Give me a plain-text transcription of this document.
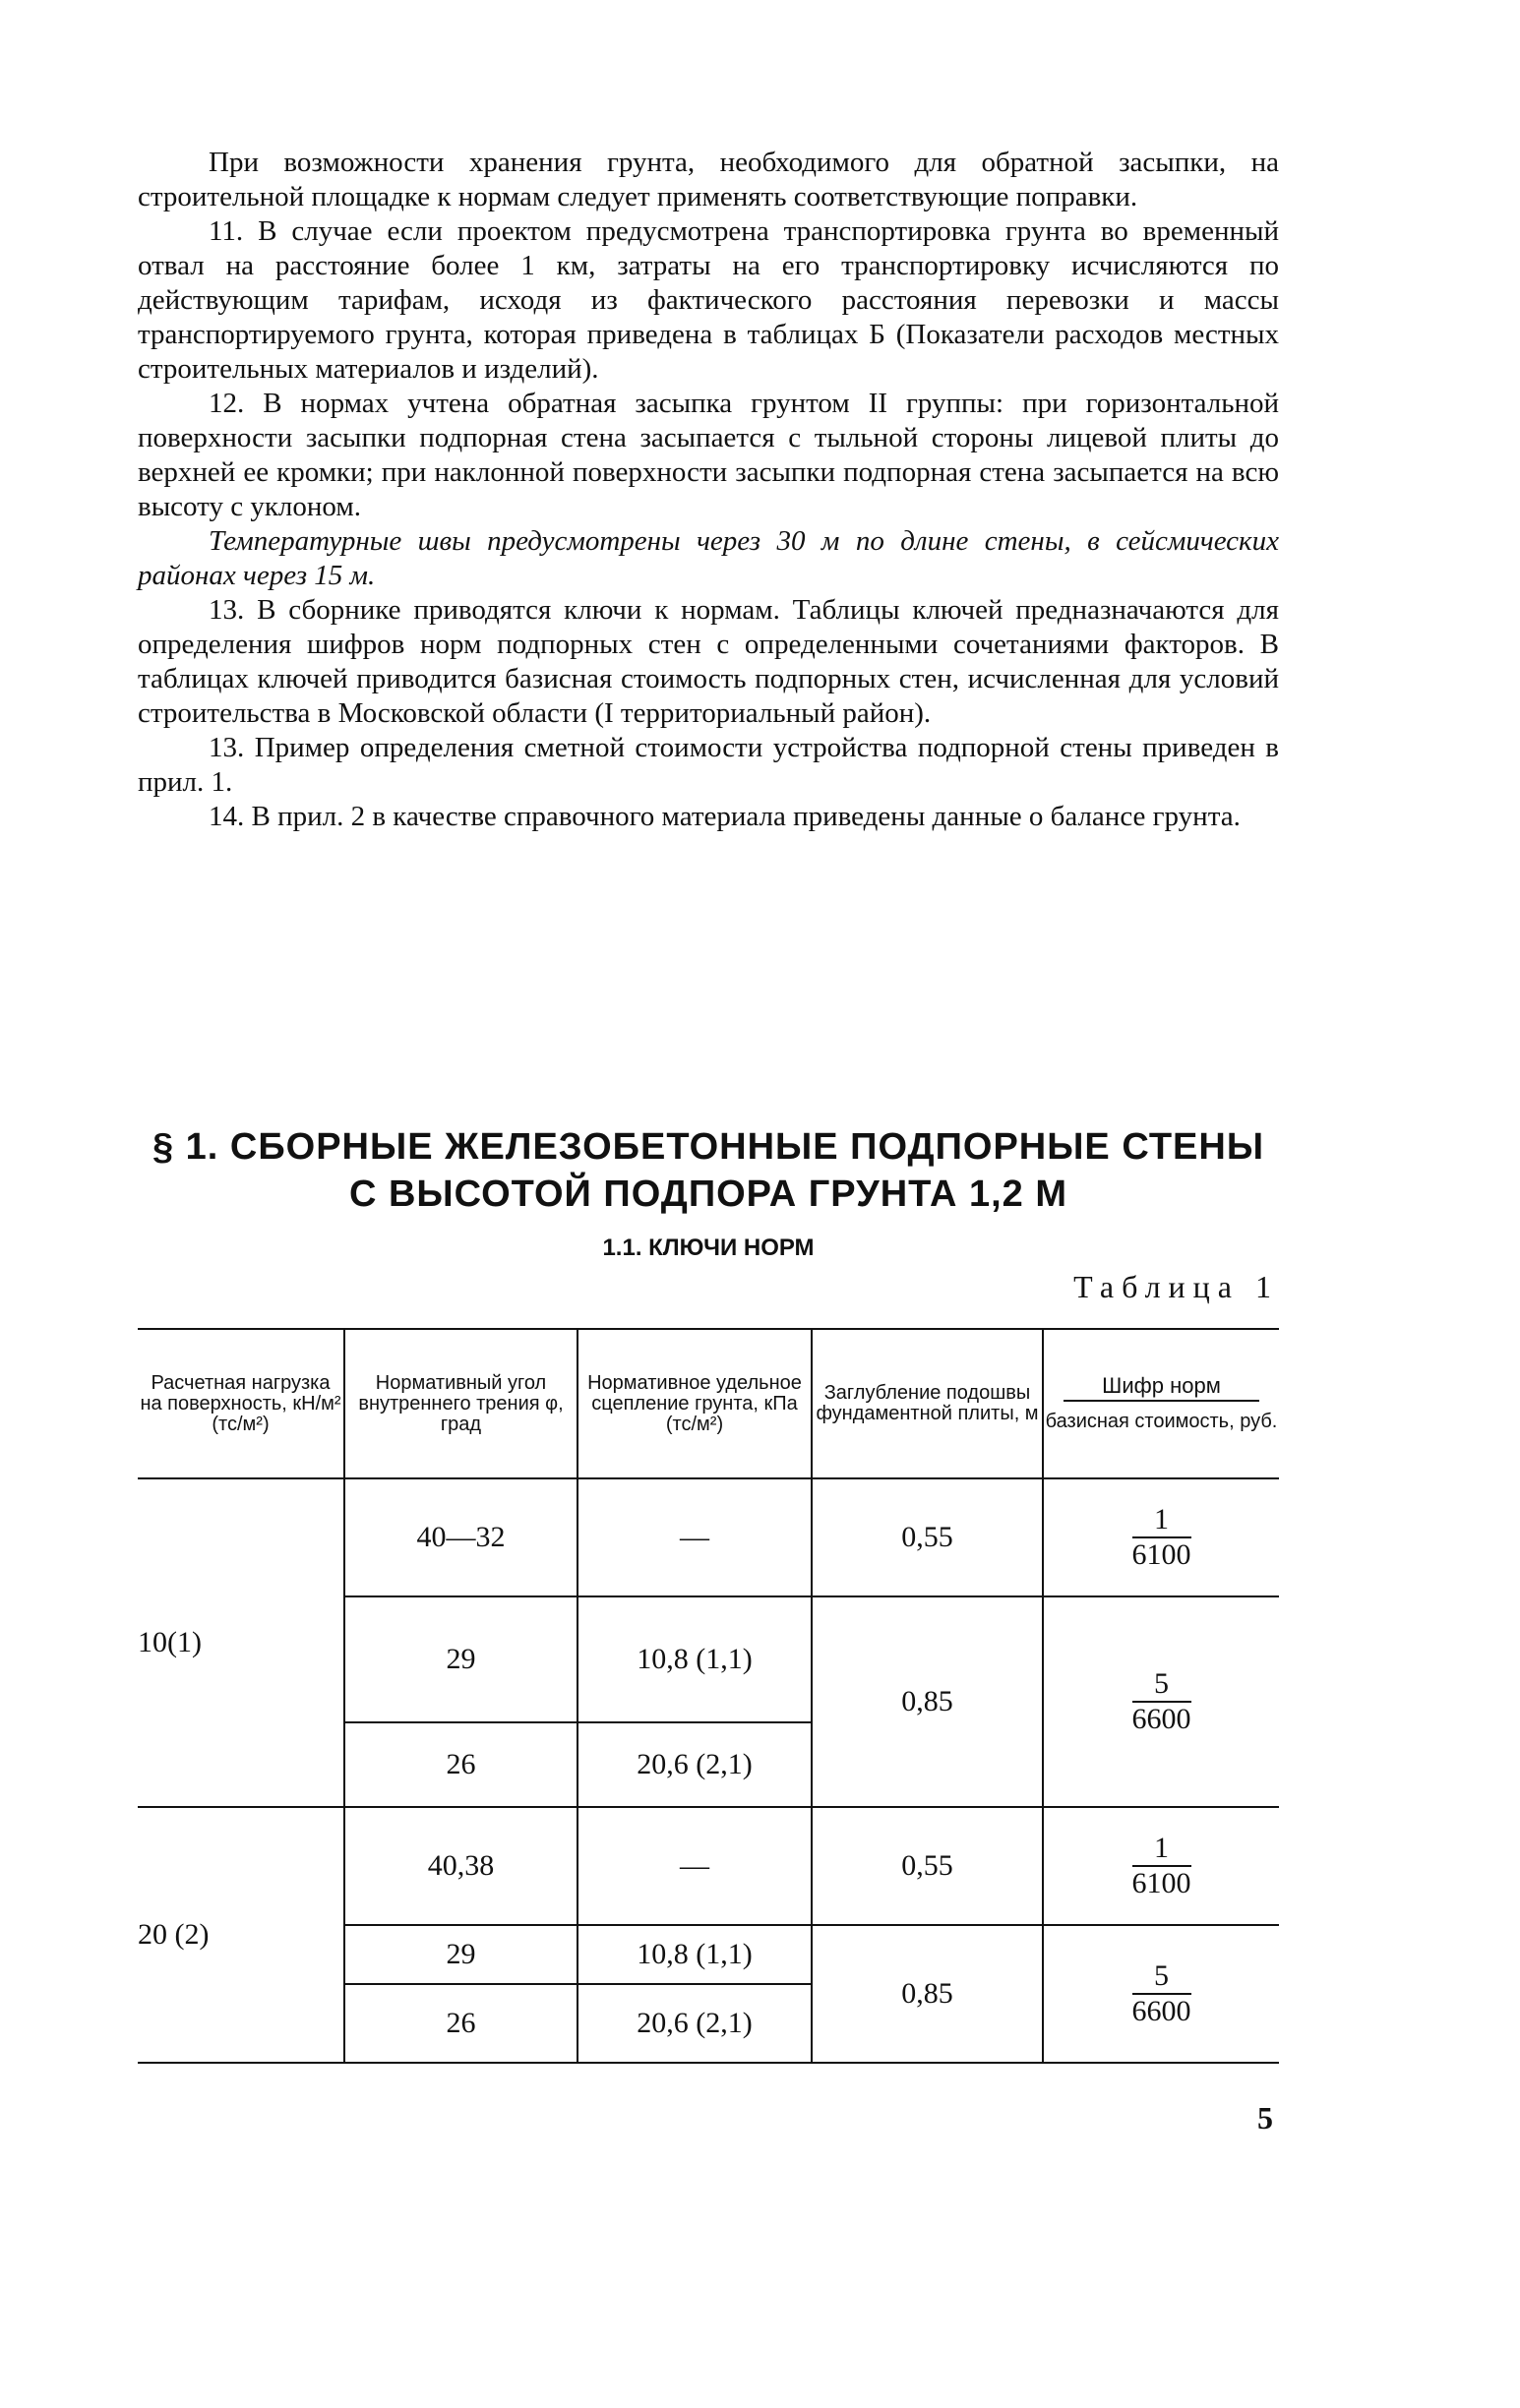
При возможности хранения грунта, необходимого для обратной засыпки, на строительной площадке к нормам следует применять соответствующие поправки.

11. В случае если проектом предусмотрена транспортировка грунта во временный отвал на расстояние более 1 км, затраты на его транспортировку исчисляются по действующим тарифам, исходя из фактического расстояния перевозки и массы транспортируемого грунта, которая приведена в таблицах Б (Показатели расходов местных строительных материалов и изделий).

12. В нормах учтена обратная засыпка грунтом II группы: при горизонтальной поверхности засыпки подпорная стена засыпается с тыльной стороны лицевой плиты до верхней ее кромки; при наклонной поверхности засыпки подпорная стена засыпается на всю высоту с уклоном.

Температурные швы предусмотрены через 30 м по длине стены, в сейсмических районах через 15 м.

13. В сборнике приводятся ключи к нормам. Таблицы ключей предназначаются для определения шифров норм подпорных стен с определенными сочетаниями факторов. В таблицах ключей приводится базисная стоимость подпорных стен, исчисленная для условий строительства в Московской области (I территориальный район).

13. Пример определения сметной стоимости устройства подпорной стены приведен в прил. 1.

14. В прил. 2 в качестве справочного материала приведены данные о балансе грунта.

§ 1. СБОРНЫЕ ЖЕЛЕЗОБЕТОННЫЕ ПОДПОРНЫЕ СТЕНЫ
С ВЫСОТОЙ ПОДПОРА ГРУНТА 1,2 М
1.1. КЛЮЧИ НОРМ
Таблица 1
Расчетная нагрузка на поверхность, кН/м² (тс/м²)	Нормативный угол внутреннего трения φ, град	Нормативное удельное сцепление грунта, кПа (тс/м²)	Заглубление подошвы фундаментной плиты, м	Шифр норм
базисная стоимость, руб.
10(1)	40—32	—	0,55	$\frac{1}{6100}$

	29	10,8 (1,1)	0,85	$\frac{5}{6600}$

	26	20,6 (2,1)		
20 (2)	40,38	—	0,55	$\frac{1}{6100}$

	29	10,8 (1,1)	0,85	$\frac{5}{6600}$

	26	20,6 (2,1)		
5
